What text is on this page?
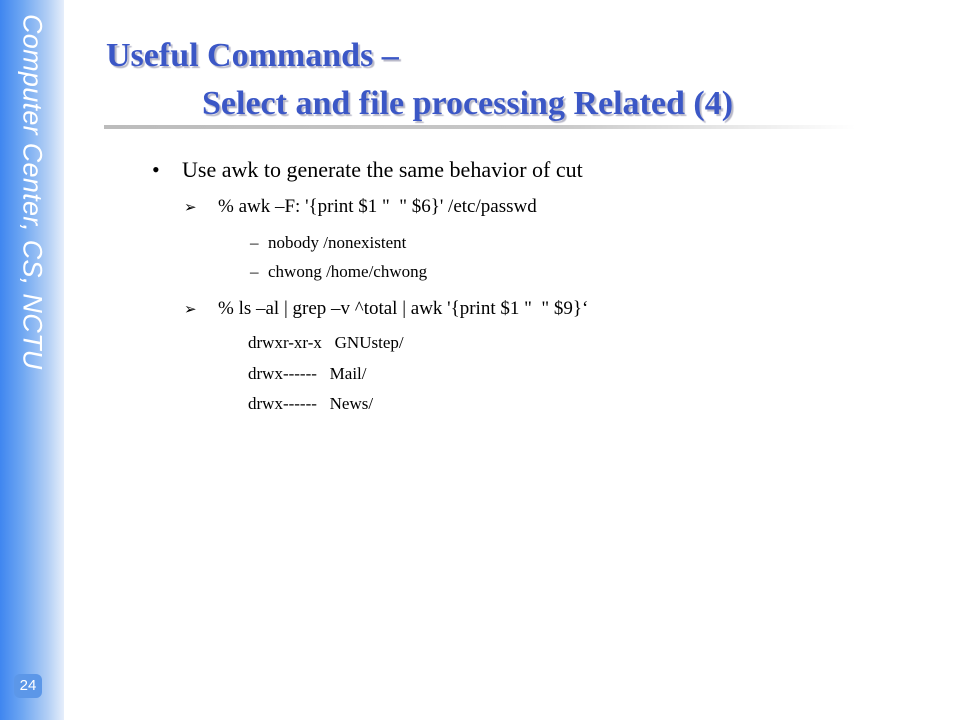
Computer Center, CS, NCTU
24
Useful Commands –
Select and file processing Related (4)
• Use awk to generate the same behavior of cut
➢ % awk –F: '{print $1 "  " $6}' /etc/passwd
– nobody /nonexistent
– chwong /home/chwong
➢ % ls –al | grep –v ^total | awk '{print $1 "  " $9}‘
drwxr-xr-x   GNUstep/
drwx------   Mail/
drwx------   News/
